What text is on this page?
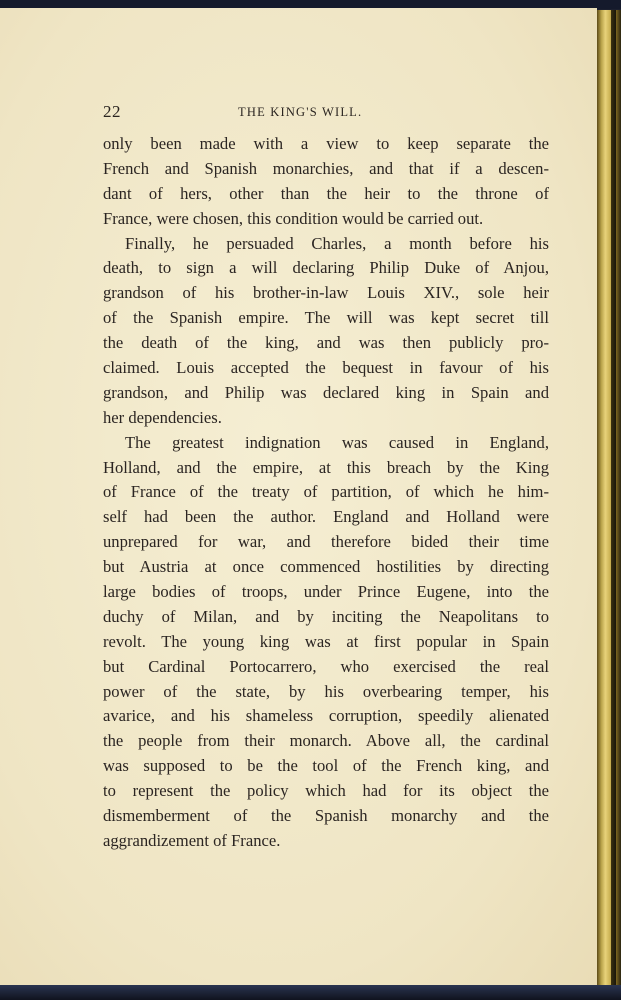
22	THE KING'S WILL.
only been made with a view to keep separate the
French and Spanish monarchies, and that if a descen-
dant of hers, other than the heir to the throne of
France, were chosen, this condition would be carried out.
Finally, he persuaded Charles, a month before his
death, to sign a will declaring Philip Duke of Anjou,
grandson of his brother-in-law Louis XIV., sole heir
of the Spanish empire. The will was kept secret till
the death of the king, and was then publicly pro-
claimed. Louis accepted the bequest in favour of his
grandson, and Philip was declared king in Spain and
her dependencies.
The greatest indignation was caused in England,
Holland, and the empire, at this breach by the King
of France of the treaty of partition, of which he him-
self had been the author. England and Holland were
unprepared for war, and therefore bided their time
but Austria at once commenced hostilities by directing
large bodies of troops, under Prince Eugene, into the
duchy of Milan, and by inciting the Neapolitans to
revolt. The young king was at first popular in Spain
but Cardinal Portocarrero, who exercised the real
power of the state, by his overbearing temper, his
avarice, and his shameless corruption, speedily alienated
the people from their monarch. Above all, the cardinal
was supposed to be the tool of the French king, and
to represent the policy which had for its object the
dismemberment of the Spanish monarchy and the
aggrandizement of France.
